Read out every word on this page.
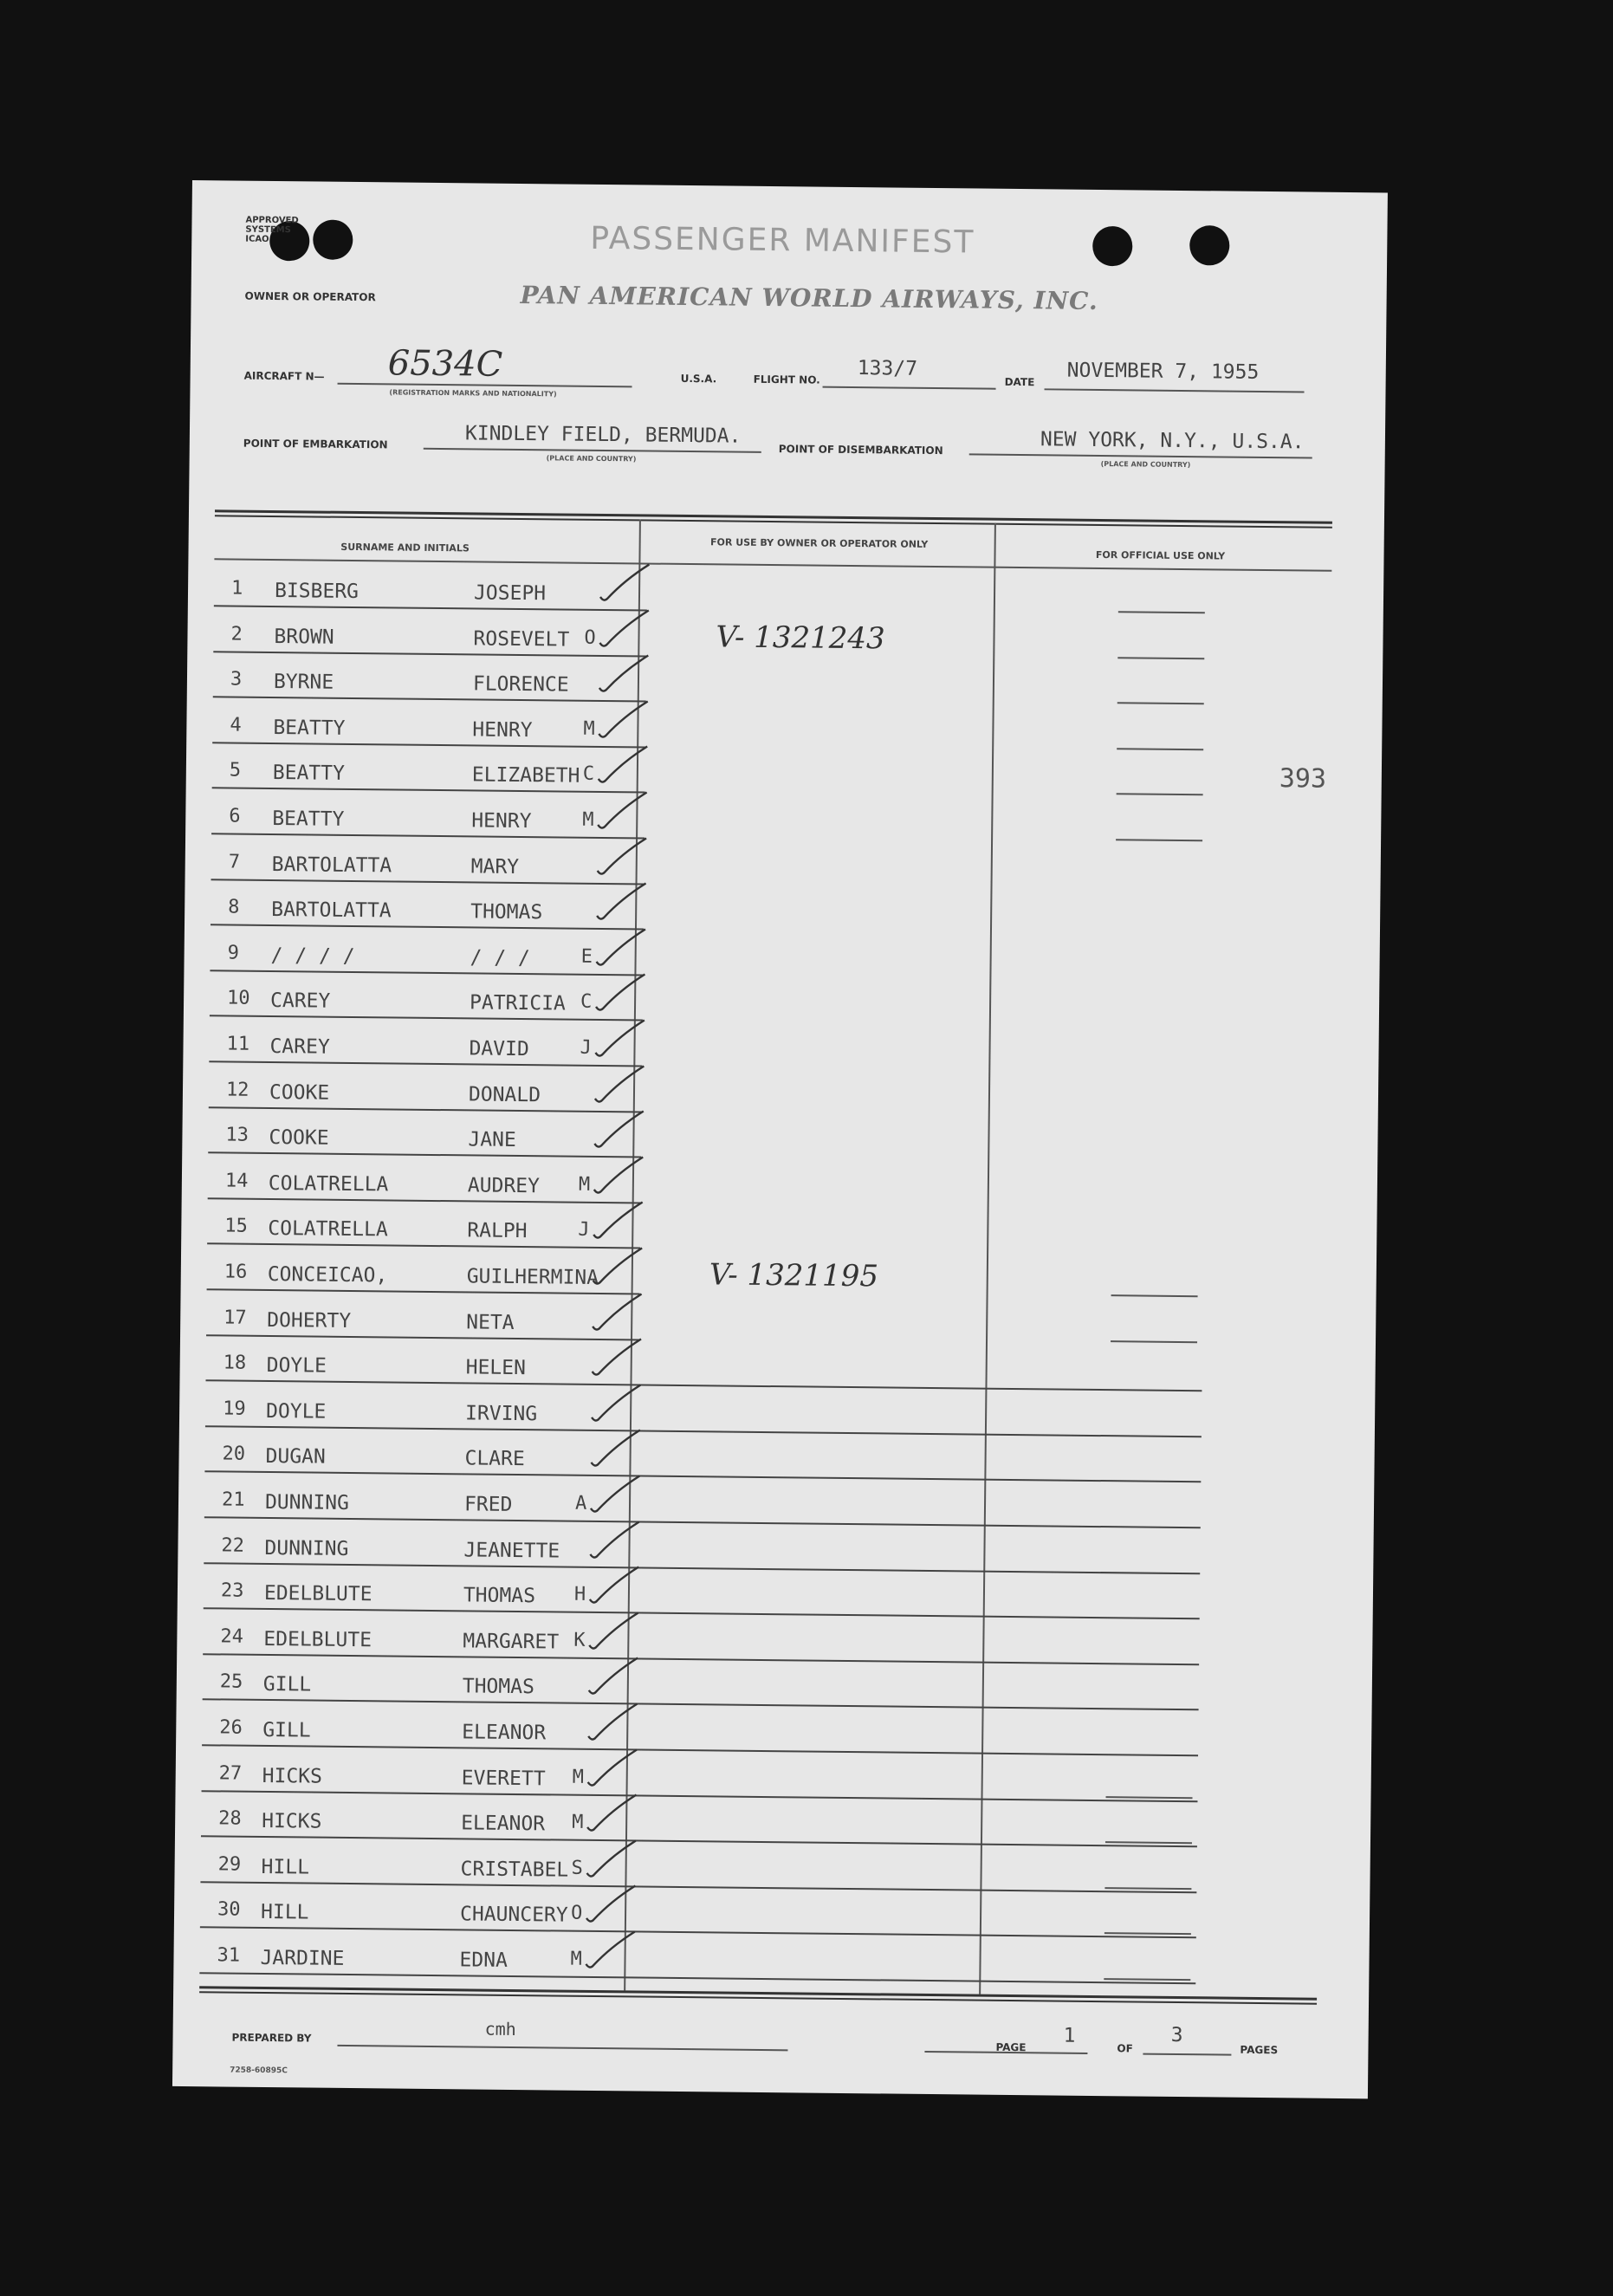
APPROVED
SYSTEMS
ICAO	PASSENGER MANIFEST
OWNER OR OPERATOR	PAN AMERICAN WORLD AIRWAYS, INC.
AIRCRAFT N— 6534C
(REGISTRATION MARKS AND NATIONALITY)
U.S.A.	FLIGHT NO. 133/7
DATE NOVEMBER 7, 1955
POINT OF EMBARKATION	KINDLEY FIELD, BERMUDA.
(PLACE AND COUNTRY)
POINT OF DISEMBARKATION	NEW YORK, N.Y., U.S.A.
(PLACE AND COUNTRY)
SURNAME AND INITIALS	FOR USE BY OWNER OR OPERATOR ONLY
FOR OFFICIAL USE ONLY
1 BISBERG	JOSEPH
2 BROWN	ROSEVELT O	V- 1321243
3 BYRNE	FLORENCE
4 BEATTY	HENRY	M
5 BEATTY	ELIZABETH C
6 BEATTY	HENRY	M
7 BARTOLATTA	MARY
8 BARTOLATTA	THOMAS
9 / / / /	/ / /	E
10 CAREY	PATRICIA C
11 CAREY	DAVID	J
12 COOKE	DONALD
13 COOKE	JANE
14 COLATRELLA	AUDREY M
15 COLATRELLA	RALPH	J
16 CONCEICAO,	GUILHERMINA	V- 1321195
17 DOHERTY	NETA
18 DOYLE	HELEN
19 DOYLE	IRVING
20 DUGAN	CLARE
21 DUNNING	FRED	A
22 DUNNING	JEANETTE
23 EDELBLUTE	THOMAS H
24 EDELBLUTE	MARGARET K
25 GILL	THOMAS
26 GILL	ELEANOR
27 HICKS	EVERETT M
28 HICKS	ELEANOR M
29 HILL	CRISTABEL S
30 HILL	CHAUNCERY O
31 JARDINE	EDNA	M
393
PREPARED BY	cmh
PAGE
1
OF
3
PAGES
7258-60895C
